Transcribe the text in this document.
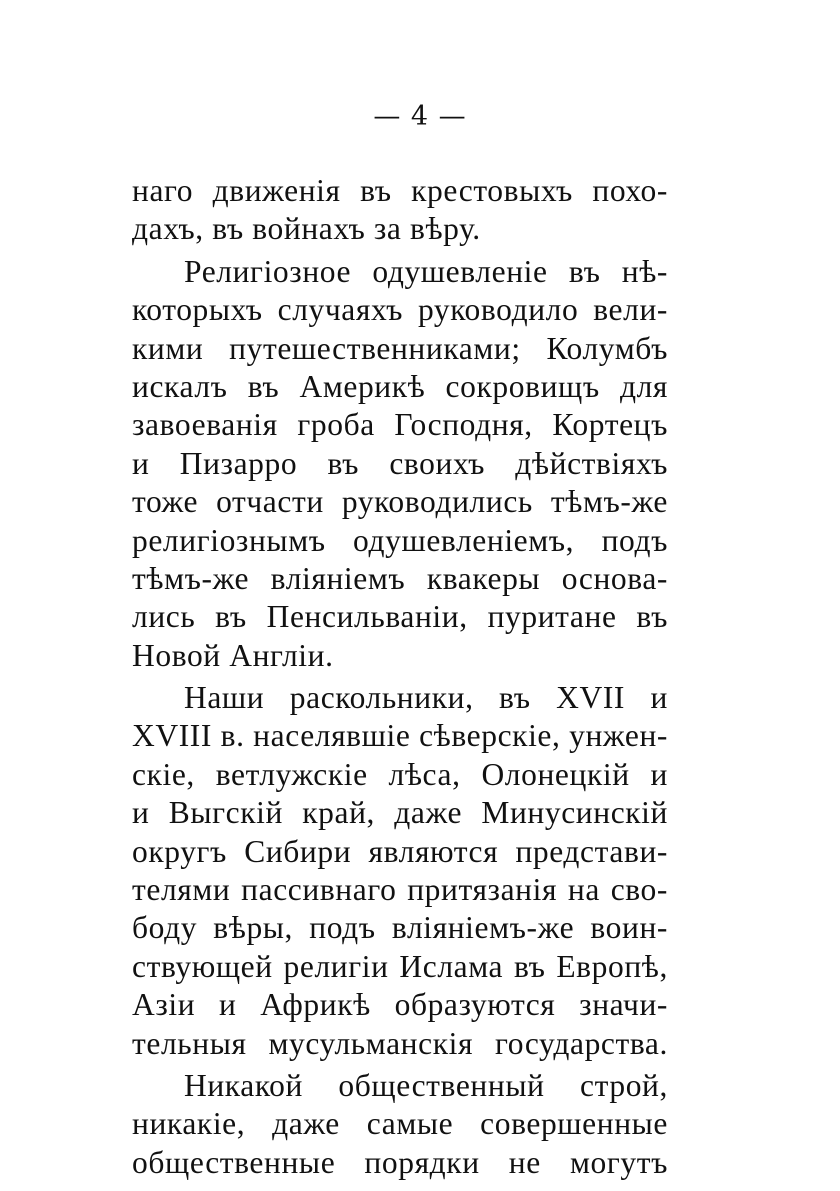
— 4 —
наго движенія въ крестовыхъ похо-
дахъ, въ войнахъ за вѣру.
Религіозное одушевленіе въ нѣ-
которыхъ случаяхъ руководило вели-
кими путешественниками; Колумбъ
искалъ въ Америкѣ сокровищъ для
завоеванія гроба Господня, Кортецъ
и Пизарро въ своихъ дѣйствіяхъ
тоже отчасти руководились тѣмъ-же
религіознымъ одушевленіемъ, подъ
тѣмъ-же вліяніемъ квакеры основа-
лись въ Пенсильваніи, пуритане въ
Новой Англіи.
Наши раскольники, въ XVII и
XVIII в. населявшіе сѣверскіе, унжен-
скіе, ветлужскіе лѣса, Олонецкій и
и Выгскій край, даже Минусинскій
округъ Сибири являются представи-
телями пассивнаго притязанія на сво-
боду вѣры, подъ вліяніемъ-же воин-
ствующей религіи Ислама въ Европѣ,
Азіи и Африкѣ образуются значи-
тельныя мусульманскія государства.
Никакой общественный строй,
никакіе, даже самые совершенные
общественные порядки не могутъ
